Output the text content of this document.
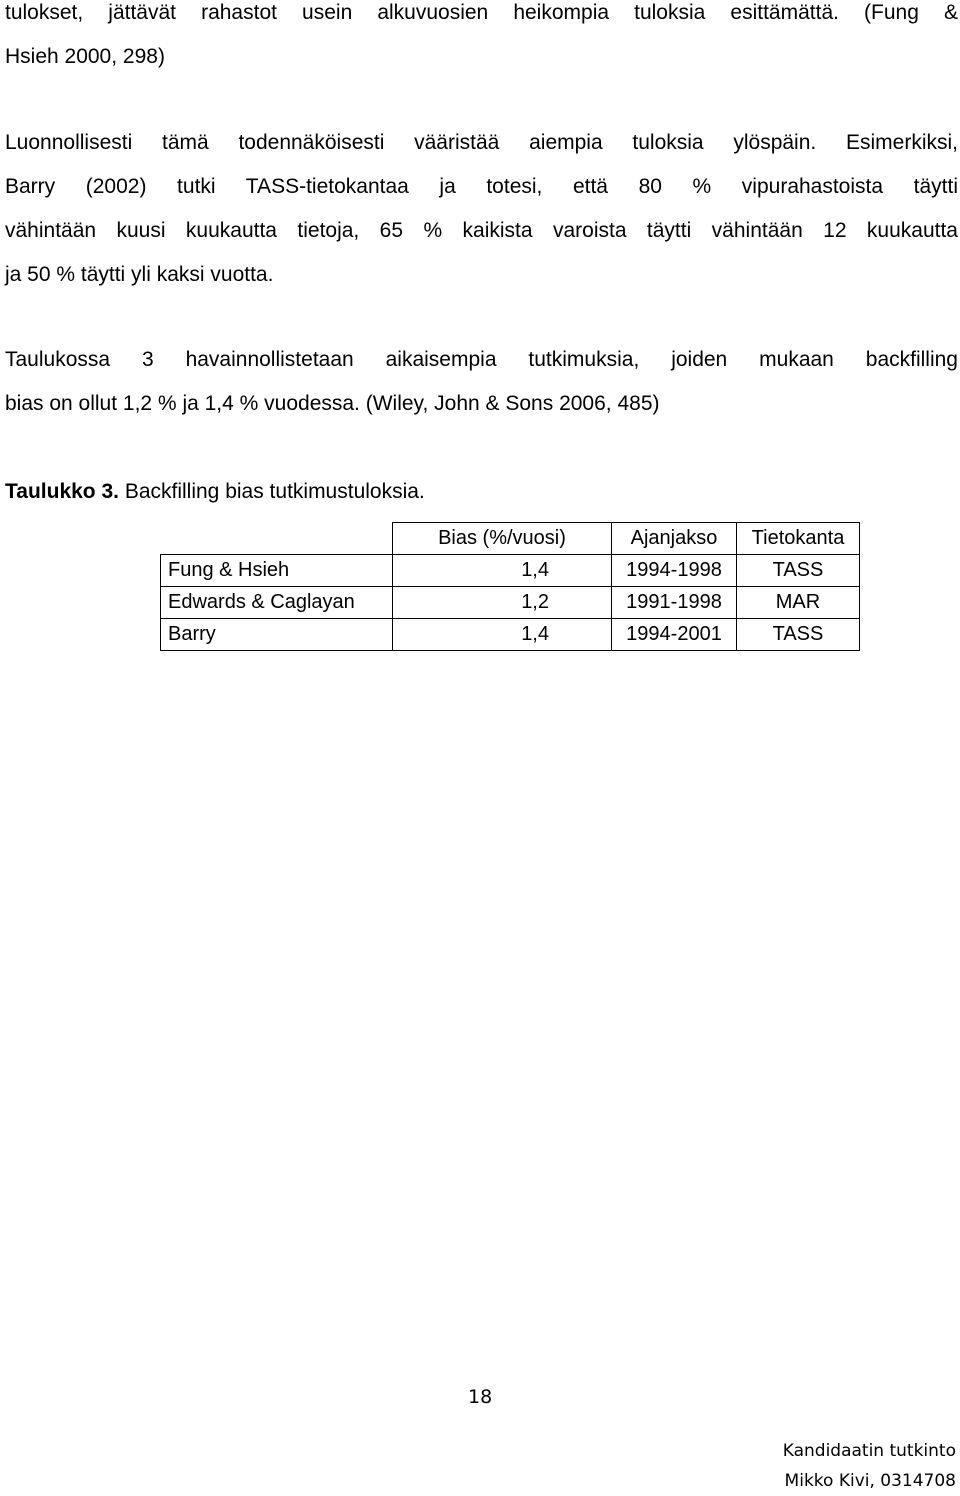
tulokset, jättävät rahastot usein alkuvuosien heikompia tuloksia esittämättä. (Fung &
Hsieh 2000, 298)

Luonnollisesti tämä todennäköisesti vääristää aiempia tuloksia ylöspäin. Esimerkiksi,
Barry (2002) tutki TASS-tietokantaa ja totesi, että 80 % vipurahastoista täytti
vähintään kuusi kuukautta tietoja, 65 % kaikista varoista täytti vähintään 12 kuukautta
ja 50 % täytti yli kaksi vuotta.

Taulukossa 3 havainnollistetaan aikaisempia tutkimuksia, joiden mukaan backfilling
bias on ollut 1,2 % ja 1,4 % vuodessa. (Wiley, John & Sons 2006, 485)

Taulukko 3. Backfilling bias tutkimustuloksia.
	Bias (%/vuosi)	Ajanjakso	Tietokanta
Fung & Hsieh	1,4	1994-1998	TASS
Edwards & Caglayan	1,2	1991-1998	MAR
Barry	1,4	1994-2001	TASS
18
Kandidaatin tutkinto
Mikko Kivi, 0314708
